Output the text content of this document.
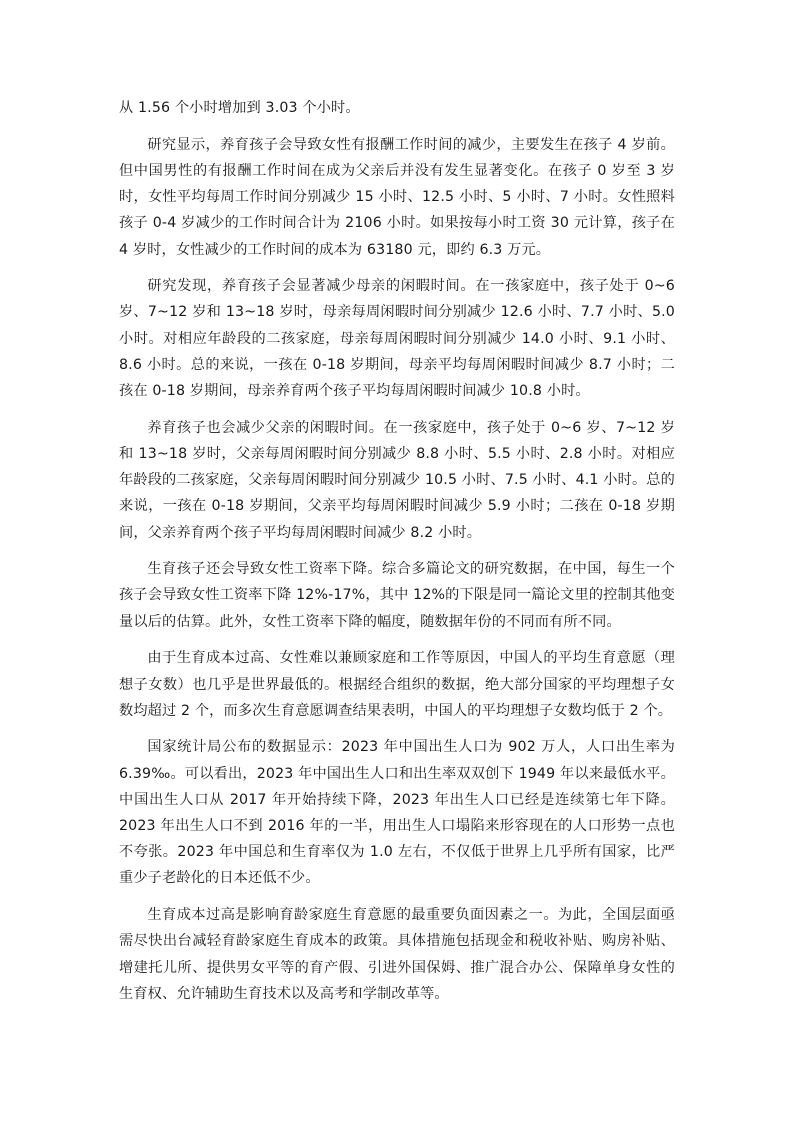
从 1.56 个小时增加到 3.03 个小时。

研究显示，养育孩子会导致女性有报酬工作时间的减少，主要发生在孩子 4 岁前。但中国男性的有报酬工作时间在成为父亲后并没有发生显著变化。在孩子 0 岁至 3 岁时，女性平均每周工作时间分别减少 15 小时、12.5 小时、5 小时、7 小时。女性照料孩子 0-4 岁减少的工作时间合计为 2106 小时。如果按每小时工资 30 元计算，孩子在 4 岁时，女性减少的工作时间的成本为 63180 元，即约 6.3 万元。

研究发现，养育孩子会显著减少母亲的闲暇时间。在一孩家庭中，孩子处于 0~6 岁、7~12 岁和 13~18 岁时，母亲每周闲暇时间分别减少 12.6 小时、7.7 小时、5.0 小时。对相应年龄段的二孩家庭，母亲每周闲暇时间分别减少 14.0 小时、9.1 小时、8.6 小时。总的来说，一孩在 0-18 岁期间，母亲平均每周闲暇时间减少 8.7 小时；二孩在 0-18 岁期间，母亲养育两个孩子平均每周闲暇时间减少 10.8 小时。

养育孩子也会减少父亲的闲暇时间。在一孩家庭中，孩子处于 0~6 岁、7~12 岁和 13~18 岁时，父亲每周闲暇时间分别减少 8.8 小时、5.5 小时、2.8 小时。对相应年龄段的二孩家庭，父亲每周闲暇时间分别减少 10.5 小时、7.5 小时、4.1 小时。总的来说，一孩在 0-18 岁期间，父亲平均每周闲暇时间减少 5.9 小时；二孩在 0-18 岁期间，父亲养育两个孩子平均每周闲暇时间减少 8.2 小时。

生育孩子还会导致女性工资率下降。综合多篇论文的研究数据，在中国，每生一个孩子会导致女性工资率下降 12%-17%，其中 12%的下限是同一篇论文里的控制其他变量以后的估算。此外，女性工资率下降的幅度，随数据年份的不同而有所不同。

由于生育成本过高、女性难以兼顾家庭和工作等原因，中国人的平均生育意愿（理想子女数）也几乎是世界最低的。根据经合组织的数据，绝大部分国家的平均理想子女数均超过 2 个，而多次生育意愿调查结果表明，中国人的平均理想子女数均低于 2 个。

国家统计局公布的数据显示：2023 年中国出生人口为 902 万人，人口出生率为 6.39‰。可以看出，2023 年中国出生人口和出生率双双创下 1949 年以来最低水平。中国出生人口从 2017 年开始持续下降，2023 年出生人口已经是连续第七年下降。2023 年出生人口不到 2016 年的一半，用出生人口塌陷来形容现在的人口形势一点也不夸张。2023 年中国总和生育率仅为 1.0 左右，不仅低于世界上几乎所有国家，比严重少子老龄化的日本还低不少。

生育成本过高是影响育龄家庭生育意愿的最重要负面因素之一。为此，全国层面亟需尽快出台减轻育龄家庭生育成本的政策。具体措施包括现金和税收补贴、购房补贴、增建托儿所、提供男女平等的育产假、引进外国保姆、推广混合办公、保障单身女性的生育权、允许辅助生育技术以及高考和学制改革等。
